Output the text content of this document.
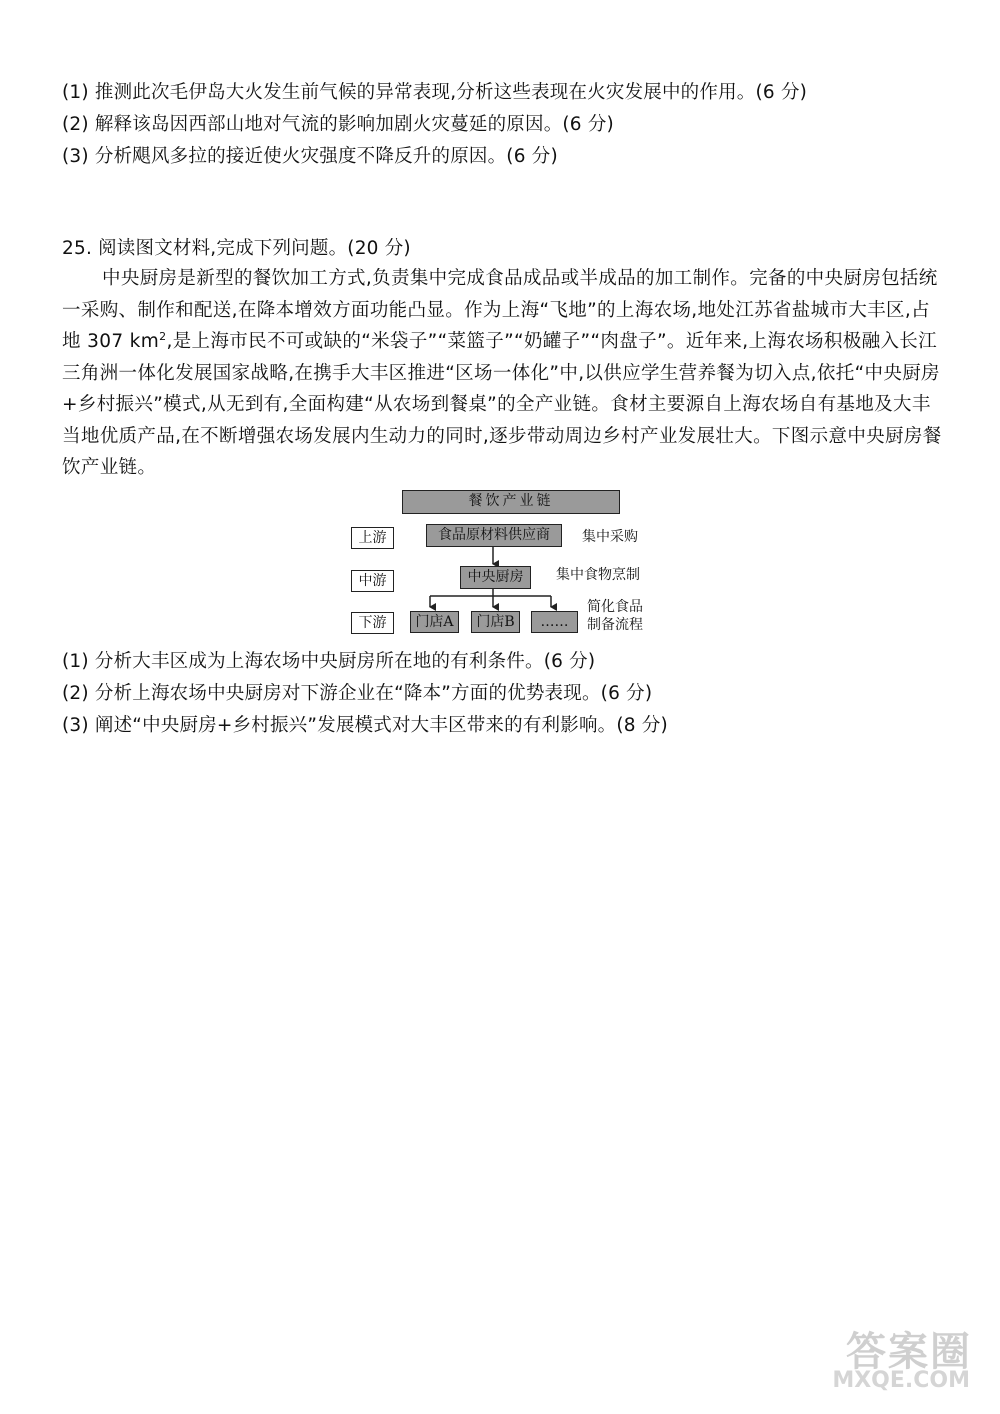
(1) 推测此次毛伊岛大火发生前气候的异常表现,分析这些表现在火灾发展中的作用。(6 分)
(2) 解释该岛因西部山地对气流的影响加剧火灾蔓延的原因。(6 分)
(3) 分析飓风多拉的接近使火灾强度不降反升的原因。(6 分)
25. 阅读图文材料,完成下列问题。(20 分)
中央厨房是新型的餐饮加工方式,负责集中完成食品成品或半成品的加工制作。完备的中央厨房包括统一采购、制作和配送,在降本增效方面功能凸显。作为上海“飞地”的上海农场,地处江苏省盐城市大丰区,占地 307 $km^2$,是上海市民不可或缺的“米袋子”“菜篮子”“奶罐子”“肉盘子”。近年来,上海农场积极融入长江三角洲一体化发展国家战略,在携手大丰区推进“区场一体化”中,以供应学生营养餐为切入点,依托“中央厨房+乡村振兴”模式,从无到有,全面构建“从农场到餐桌”的全产业链。食材主要源自上海农场自有基地及大丰当地优质产品,在不断增强农场发展内生动力的同时,逐步带动周边乡村产业发展壮大。下图示意中央厨房餐饮产业链。
餐饮产业链
上游
中游
下游
食品原材料供应商	集中采购
中央厨房	集中食物烹制
门店A	门店B	……
简化食品
制备流程
(1) 分析大丰区成为上海农场中央厨房所在地的有利条件。(6 分)
(2) 分析上海农场中央厨房对下游企业在“降本”方面的优势表现。(6 分)
(3) 阐述“中央厨房+乡村振兴”发展模式对大丰区带来的有利影响。(8 分)
答案圈
MXQE.COM
